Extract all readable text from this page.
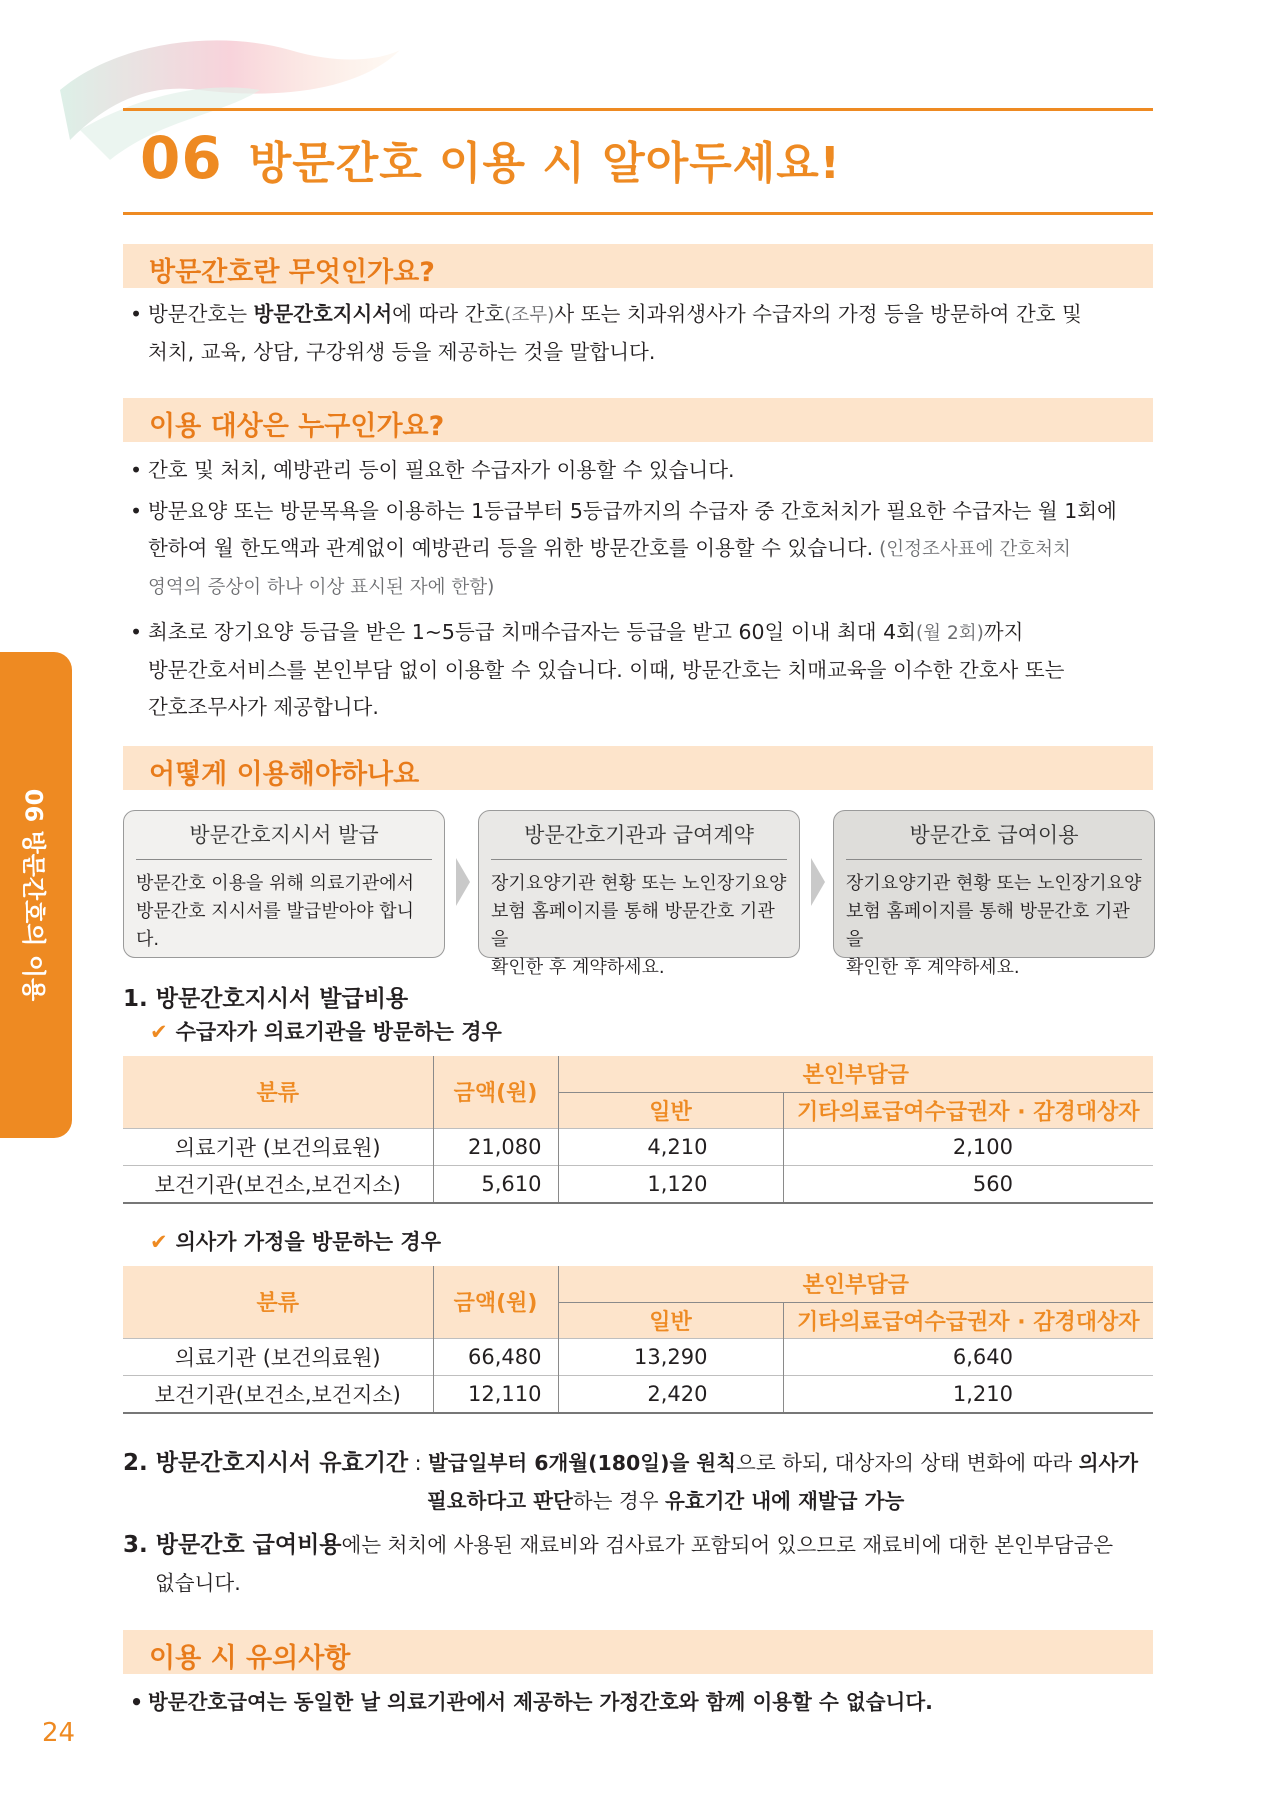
06 방문간호 이용 시 알아두세요!
06 방문간호의 이용
방문간호란 무엇인가요?
• 방문간호는 방문간호지시서에 따라 간호(조무)사 또는 치과위생사가 수급자의 가정 등을 방문하여 간호 및
처치, 교육, 상담, 구강위생 등을 제공하는 것을 말합니다.
이용 대상은 누구인가요?
• 간호 및 처치, 예방관리 등이 필요한 수급자가 이용할 수 있습니다.
• 방문요양 또는 방문목욕을 이용하는 1등급부터 5등급까지의 수급자 중 간호처치가 필요한 수급자는 월 1회에
한하여 월 한도액과 관계없이 예방관리 등을 위한 방문간호를 이용할 수 있습니다. (인정조사표에 간호처치
영역의 증상이 하나 이상 표시된 자에 한함)
• 최초로 장기요양 등급을 받은 1~5등급 치매수급자는 등급을 받고 60일 이내 최대 4회(월 2회)까지
방문간호서비스를 본인부담 없이 이용할 수 있습니다. 이때, 방문간호는 치매교육을 이수한 간호사 또는
간호조무사가 제공합니다.
어떻게 이용해야하나요
방문간호지시서 발급
방문간호 이용을 위해 의료기관에서
방문간호 지시서를 발급받아야 합니다.
방문간호기관과 급여계약
장기요양기관 현황 또는 노인장기요양
보험 홈페이지를 통해 방문간호 기관을
확인한 후 계약하세요.
방문간호 급여이용
장기요양기관 현황 또는 노인장기요양
보험 홈페이지를 통해 방문간호 기관을
확인한 후 계약하세요.
1. 방문간호지시서 발급비용
✔ 수급자가 의료기관을 방문하는 경우
분류	금액(원)	본인부담금	
		일반	기타의료급여수급권자 · 감경대상자
의료기관 (보건의료원)	21,080	4,210	2,100
보건기관(보건소,보건지소)	5,610	1,120	560
✔ 의사가 가정을 방문하는 경우
분류	금액(원)	본인부담금	
		일반	기타의료급여수급권자 · 감경대상자
의료기관 (보건의료원)	66,480	13,290	6,640
보건기관(보건소,보건지소)	12,110	2,420	1,210
2. 방문간호지시서 유효기간 : 발급일부터 6개월(180일)을 원칙으로 하되, 대상자의 상태 변화에 따라 의사가
필요하다고 판단하는 경우 유효기간 내에 재발급 가능
3. 방문간호 급여비용에는 처치에 사용된 재료비와 검사료가 포함되어 있으므로 재료비에 대한 본인부담금은
없습니다.
이용 시 유의사항
• 방문간호급여는 동일한 날 의료기관에서 제공하는 가정간호와 함께 이용할 수 없습니다.
24
